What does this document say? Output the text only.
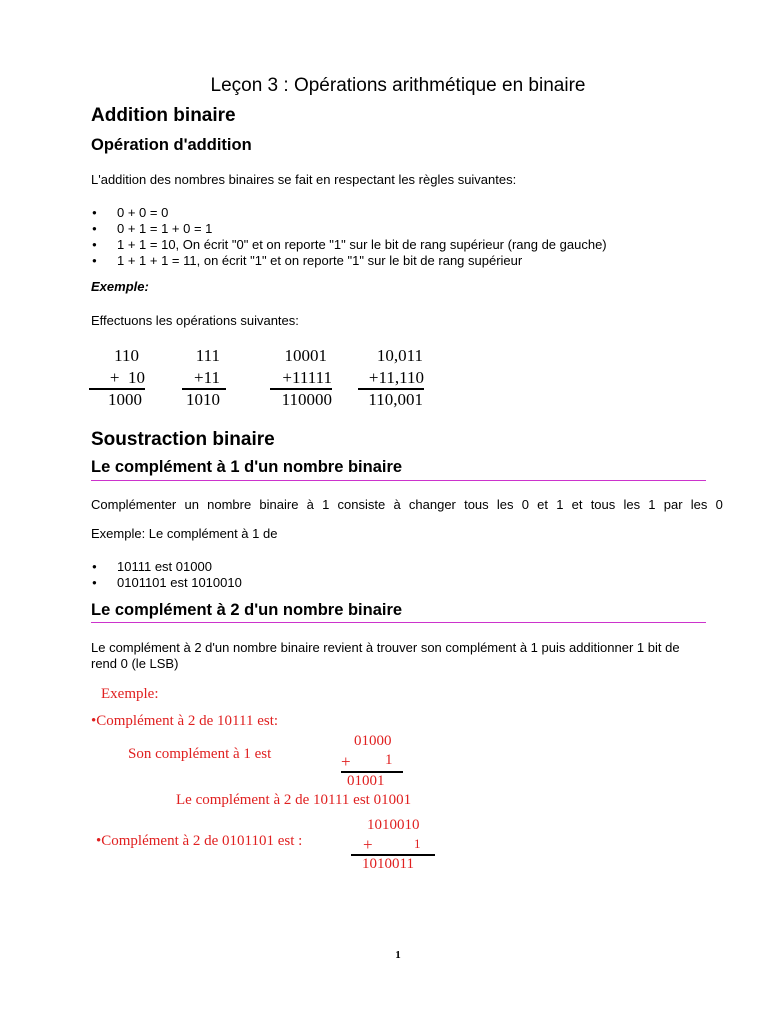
Leçon 3 : Opérations arithmétique en binaire
Addition binaire
Opération d'addition
L'addition des nombres binaires se fait en respectant les règles suivantes:
● 0 + 0 = 0
● 0 + 1 = 1 + 0 = 1
● 1 + 1 = 10, On écrit "0" et on reporte "1" sur le bit de rang supérieur (rang de gauche)
● 1 + 1 + 1 = 11, on écrit "1" et on reporte "1" sur le bit de rang supérieur
Exemple:
Effectuons les opérations suivantes:
110
+  10
1000
111
+11
1010
10001
+11111
110000
10,011
+11,110
110,001
Soustraction binaire
Le complément à 1 d'un nombre binaire
Complémenter un nombre binaire à 1 consiste à changer tous les 0 et 1 et tous les 1 par les 0
Exemple: Le complément à 1 de
● 10111 est 01000
● 0101101 est 1010010
Le complément à 2 d'un nombre binaire
Le complément à 2 d'un nombre binaire revient à trouver son complément à 1 puis additionner 1 bit de
rend 0 (le LSB)
Exemple:
•Complément à 2 de 10111 est:
Son complément à 1 est
01000
+ 1
01001
Le complément à 2 de 10111 est 01001
1010010
•Complément à 2 de 0101101 est :	+	1
1010011
1
